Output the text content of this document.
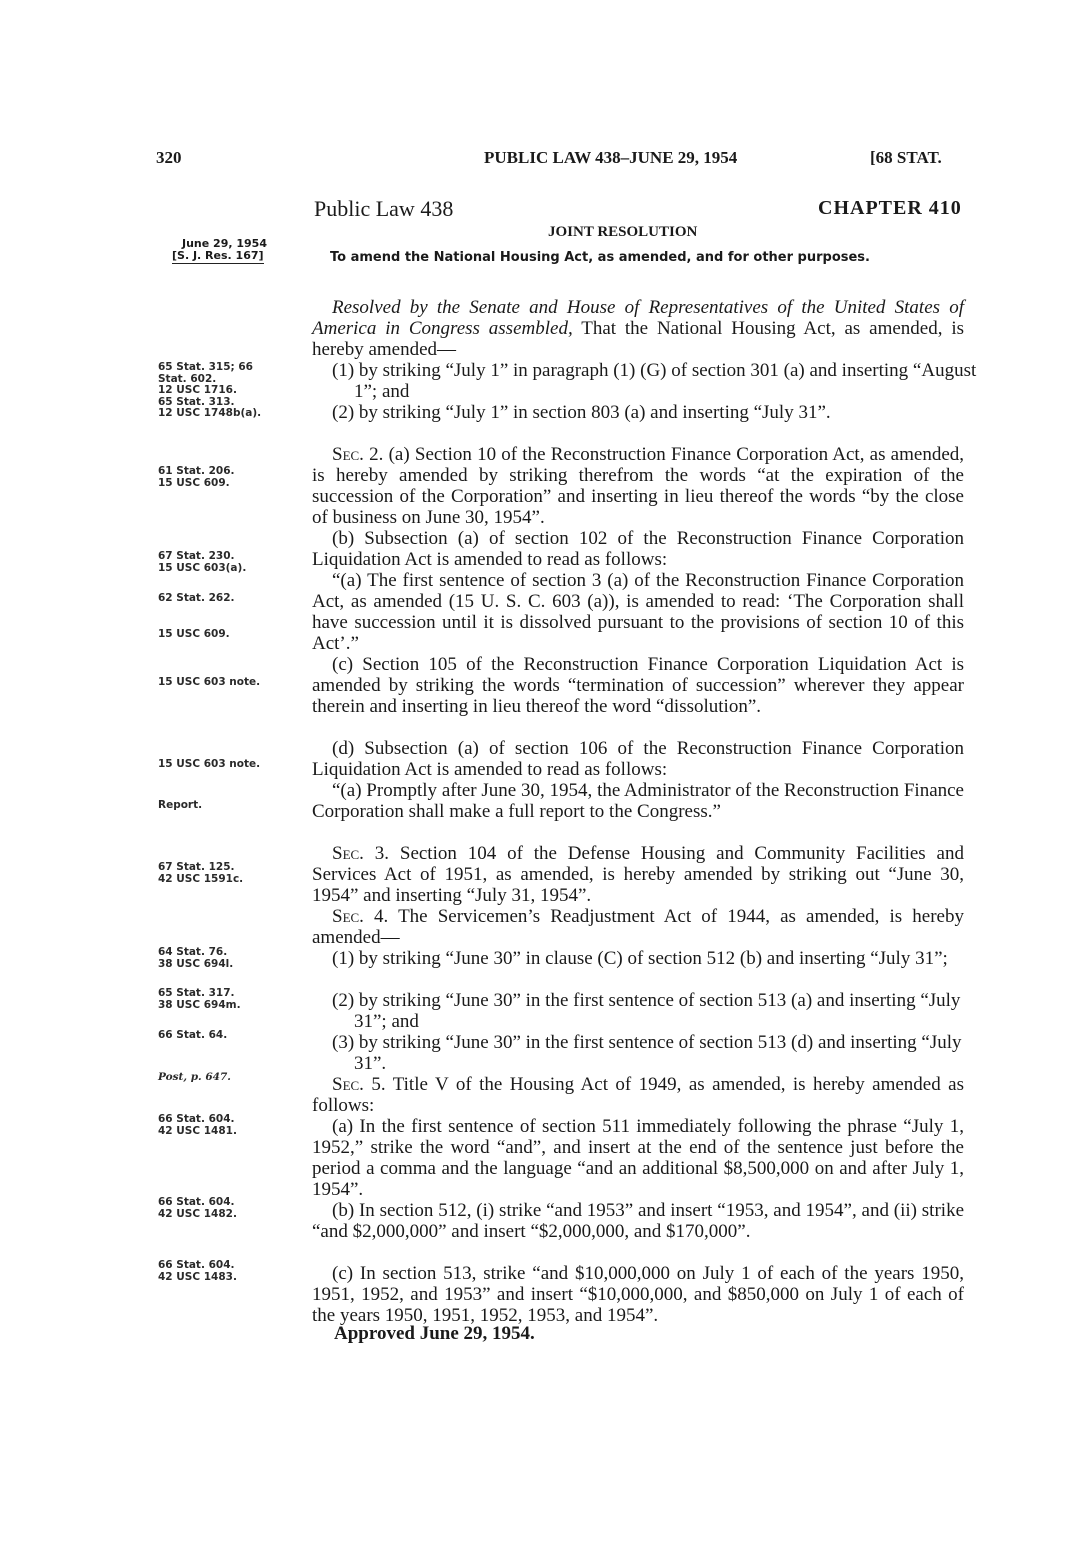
320	PUBLIC LAW 438–JUNE 29, 1954	[68 STAT.
Public Law 438	CHAPTER 410
JOINT RESOLUTION
To amend the National Housing Act, as amended, and for other purposes.
June 29, 1954
[S. J. Res. 167]
65 Stat. 315; 66
Stat. 602.
12 USC 1716.
65 Stat. 313.
12 USC 1748b(a).
61 Stat. 206.
15 USC 609.
67 Stat. 230.
15 USC 603(a).
62 Stat. 262.
15 USC 609.
15 USC 603 note.
15 USC 603 note.
Report.
67 Stat. 125.
42 USC 1591c.
64 Stat. 76.
38 USC 694l.
65 Stat. 317.
38 USC 694m.
66 Stat. 64.
Post, p. 647.
66 Stat. 604.
42 USC 1481.
66 Stat. 604.
42 USC 1482.
66 Stat. 604.
42 USC 1483.
Resolved by the Senate and House of Representatives of the United States of America in Congress assembled, That the National Housing Act, as amended, is hereby amended—
(1) by striking “July 1” in paragraph (1) (G) of section 301 (a) and inserting “August 1”; and
(2) by striking “July 1” in section 803 (a) and inserting “July 31”.
Sec. 2. (a) Section 10 of the Reconstruction Finance Corporation Act, as amended, is hereby amended by striking therefrom the words “at the expiration of the succession of the Corporation” and inserting in lieu thereof the words “by the close of business on June 30, 1954”.
(b) Subsection (a) of section 102 of the Reconstruction Finance Corporation Liquidation Act is amended to read as follows:
“(a) The first sentence of section 3 (a) of the Reconstruction Finance Corporation Act, as amended (15 U. S. C. 603 (a)), is amended to read: ‘The Corporation shall have succession until it is dissolved pursuant to the provisions of section 10 of this Act’.”
(c) Section 105 of the Reconstruction Finance Corporation Liquidation Act is amended by striking the words “termination of succession” wherever they appear therein and inserting in lieu thereof the word “dissolution”.
(d) Subsection (a) of section 106 of the Reconstruction Finance Corporation Liquidation Act is amended to read as follows:
“(a) Promptly after June 30, 1954, the Administrator of the Reconstruction Finance Corporation shall make a full report to the Congress.”
Sec. 3. Section 104 of the Defense Housing and Community Facilities and Services Act of 1951, as amended, is hereby amended by striking out “June 30, 1954” and inserting “July 31, 1954”.
Sec. 4. The Servicemen’s Readjustment Act of 1944, as amended, is hereby amended—
(1) by striking “June 30” in clause (C) of section 512 (b) and inserting “July 31”;
(2) by striking “June 30” in the first sentence of section 513 (a) and inserting “July 31”; and
(3) by striking “June 30” in the first sentence of section 513 (d) and inserting “July 31”.
Sec. 5. Title V of the Housing Act of 1949, as amended, is hereby amended as follows:
(a) In the first sentence of section 511 immediately following the phrase “July 1, 1952,” strike the word “and”, and insert at the end of the sentence just before the period a comma and the language “and an additional $8,500,000 on and after July 1, 1954”.
(b) In section 512, (i) strike “and 1953” and insert “1953, and 1954”, and (ii) strike “and $2,000,000” and insert “$2,000,000, and $170,000”.
(c) In section 513, strike “and $10,000,000 on July 1 of each of the years 1950, 1951, 1952, and 1953” and insert “$10,000,000, and $850,000 on July 1 of each of the years 1950, 1951, 1952, 1953, and 1954”.
Approved June 29, 1954.
